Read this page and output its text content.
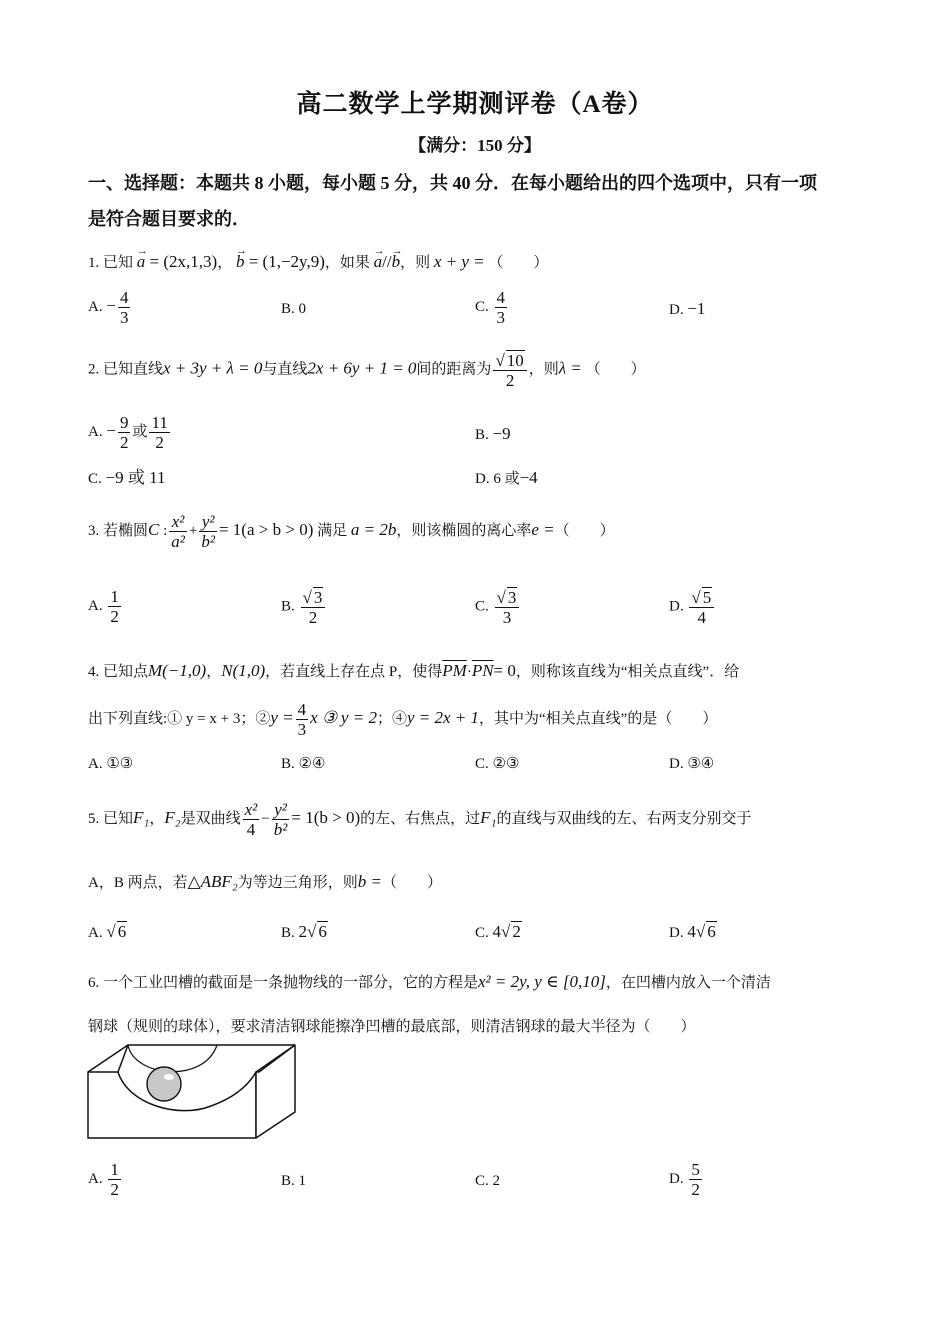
高二数学上学期测评卷（A卷）
【满分：150 分】
一、选择题：本题共 8 小题，每小题 5 分，共 40 分．在每小题给出的四个选项中，只有一项
是符合题目要求的．
1. 已知 → a = (2x,1,3)， → b = (1,−2y,9)，如果 → a//→ b，则 x + y = （　　）
A. − $\frac{4}{3}$	B. 0	C. $\frac{4}{3}$	D. −1
2. 已知直线x + 3y + λ = 0与直线2x + 6y + 1 = 0间的距离为 $\frac{√ 10}{2}$ ，则λ = （　　）
A. − $\frac{9}{2}$ 或 $\frac{11}{2}$	B. −9
C. −9 或 11	D. 6 或−4
3. 若椭圆C : $\frac{\text{x²}}{\text{a²}} + \frac{\text{y²}}{\text{b²}} = 1(a > b > 0)$ 满足 a = 2b，则该椭圆的离心率e =（　　）
A. $\frac{1}{2}$	B. $\frac{√ 3}{2}$	C. $\frac{√ 3}{3}$	D. $\frac{√ 5}{4}$
4. 已知点M(−1,0)，N(1,0)，若直线上存在点 P，使得$\overline{PM}\cdot\overline{PN}= 0$，则称该直线为“相关点直线”．给
出下列直线:① y = x + 3；②y = $\frac{4}{3}$ x ③ y = 2；④y = 2x + 1，其中为“相关点直线”的是（　　）
A. ①③	B. ②④	C. ②③	D. ③④
5. 已知F₁，F₂是双曲线 $\frac{\text{x²}}{4} - \frac{\text{y²}}{\text{b²}} = 1(b > 0)$的左、右焦点，过F₁的直线与双曲线的左、右两支分别交于
A，B 两点，若△ABF₂为等边三角形，则b =（　　）
A. √ 6	B. 2√ 6	C. 4√ 2	D. 4√ 6
6. 一个工业凹槽的截面是一条抛物线的一部分，它的方程是x² = 2y, y ∈ [0,10]，在凹槽内放入一个清洁
钢球（规则的球体），要求清洁钢球能擦净凹槽的最底部，则清洁钢球的最大半径为（　　）
A. $\frac{1}{2}$	B. 1	C. 2	D. $\frac{5}{2}$
